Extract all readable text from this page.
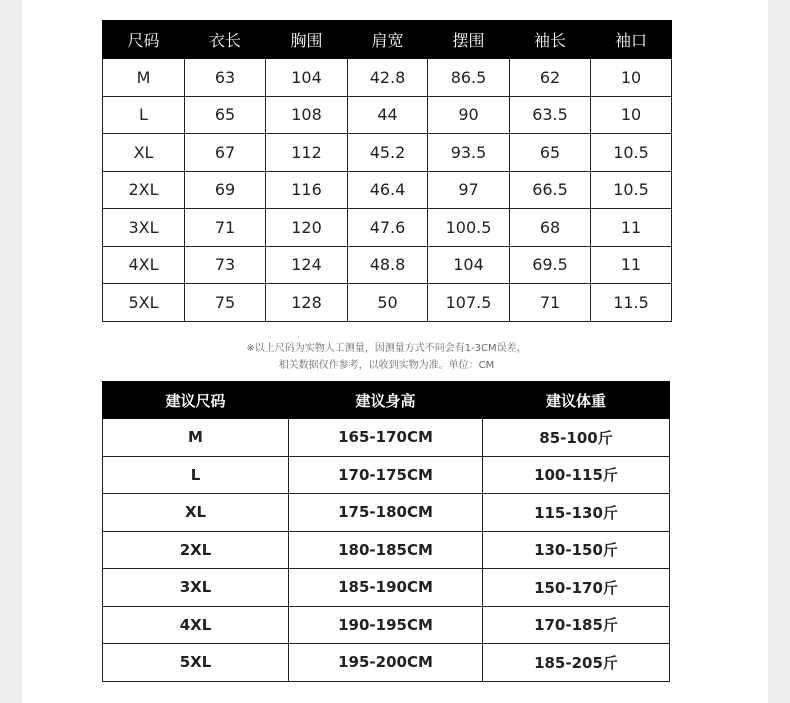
尺码	衣长	胸围	肩宽	摆围	袖长	袖口
M	63	104	42.8	86.5	62	10
L	65	108	44	90	63.5	10
XL	67	112	45.2	93.5	65	10.5
2XL	69	116	46.4	97	66.5	10.5
3XL	71	120	47.6	100.5	68	11
4XL	73	124	48.8	104	69.5	11
5XL	75	128	50	107.5	71	11.5
※以上尺码为实物人工测量，因测量方式不同会有1-3CM误差，
相关数据仅作参考，以收到实物为准。单位：CM
建议尺码	建议身高	建议体重
M	165-170CM	85-100斤
L	170-175CM	100-115斤
XL	175-180CM	115-130斤
2XL	180-185CM	130-150斤
3XL	185-190CM	150-170斤
4XL	190-195CM	170-185斤
5XL	195-200CM	185-205斤
